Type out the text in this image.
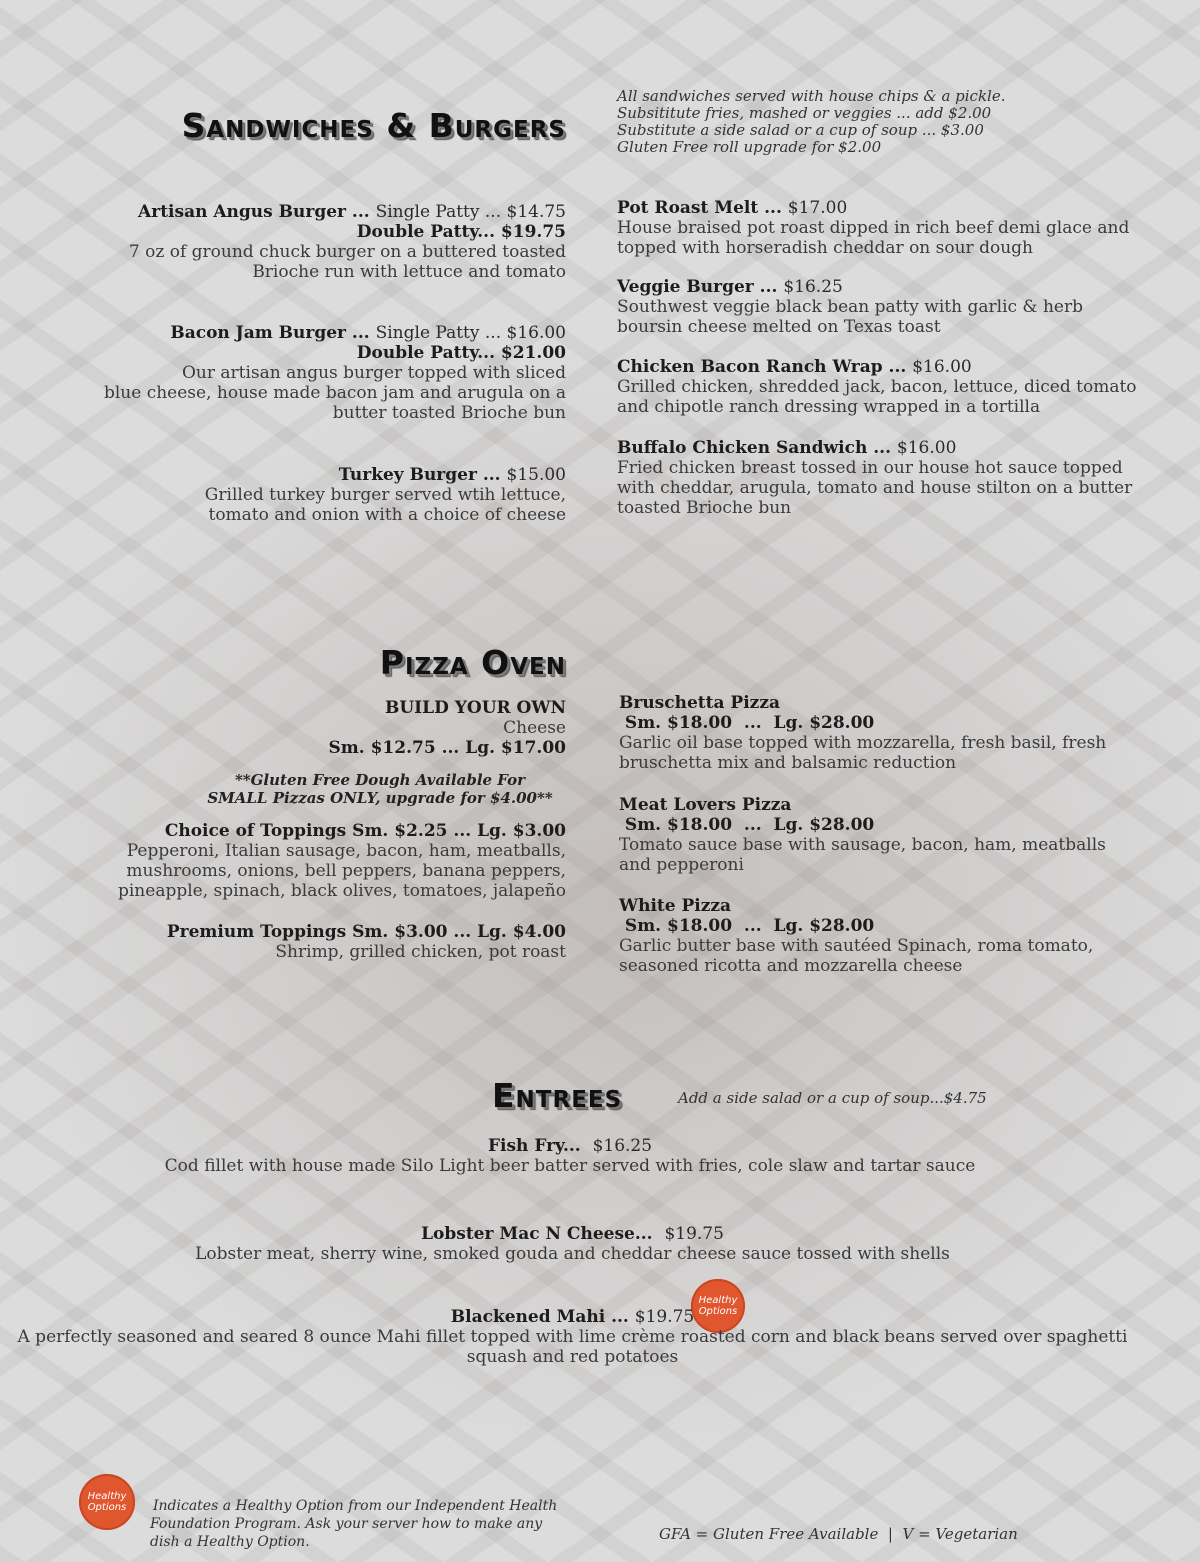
Sandwiches & Burgers
All sandwiches served with house chips & a pickle.
Subsititute fries, mashed or veggies ... add $2.00
Substitute a side salad or a cup of soup ... $3.00
Gluten Free roll upgrade for $2.00
Artisan Angus Burger ... Single Patty ... $14.75
Double Patty... $19.75
7 oz of ground chuck burger on a buttered toasted
Brioche run with lettuce and tomato
Bacon Jam Burger ... Single Patty ... $16.00
Double Patty... $21.00
Our artisan angus burger topped with sliced
blue cheese, house made bacon jam and arugula on a
butter toasted Brioche bun
Turkey Burger ... $15.00
Grilled turkey burger served wtih lettuce,
tomato and onion with a choice of cheese
Pot Roast Melt ... $17.00
House braised pot roast dipped in rich beef demi glace and
topped with horseradish cheddar on sour dough
Veggie Burger ... $16.25
Southwest veggie black bean patty with garlic & herb
boursin cheese melted on Texas toast
Chicken Bacon Ranch Wrap ... $16.00
Grilled chicken, shredded jack, bacon, lettuce, diced tomato
and chipotle ranch dressing wrapped in a tortilla
Buffalo Chicken Sandwich ... $16.00
Fried chicken breast tossed in our house hot sauce topped
with cheddar, arugula, tomato and house stilton on a butter
toasted Brioche bun
Pizza Oven
BUILD YOUR OWN
Cheese
Sm. $12.75 ... Lg. $17.00
**Gluten Free Dough Available For
SMALL Pizzas ONLY, upgrade for $4.00**
Choice of Toppings Sm. $2.25 ... Lg. $3.00
Pepperoni, Italian sausage, bacon, ham, meatballs,
mushrooms, onions, bell peppers, banana peppers,
pineapple, spinach, black olives, tomatoes, jalapeño
Premium Toppings Sm. $3.00 ... Lg. $4.00
Shrimp, grilled chicken, pot roast
Bruschetta Pizza
Sm. $18.00  ...  Lg. $28.00
Garlic oil base topped with mozzarella, fresh basil, fresh
bruschetta mix and balsamic reduction
Meat Lovers Pizza
Sm. $18.00  ...  Lg. $28.00
Tomato sauce base with sausage, bacon, ham, meatballs
and pepperoni
White Pizza
Sm. $18.00  ...  Lg. $28.00
Garlic butter base with sautéed Spinach, roma tomato,
seasoned ricotta and mozzarella cheese
Entrees	Add a side salad or a cup of soup...$4.75
Fish Fry...  $16.25
Cod fillet with house made Silo Light beer batter served with fries, cole slaw and tartar sauce
Lobster Mac N Cheese...  $19.75
Lobster meat, sherry wine, smoked gouda and cheddar cheese sauce tossed with shells
Healthy
Options
Blackened Mahi ... $19.75
A perfectly seasoned and seared 8 ounce Mahi fillet topped with lime crème roasted corn and black beans served over spaghetti
squash and red potatoes
Healthy
Options Indicates a Healthy Option from our Independent Health
Foundation Program. Ask your server how to make any
dish a Healthy Option.	GFA = Gluten Free Available  |  V = Vegetarian
